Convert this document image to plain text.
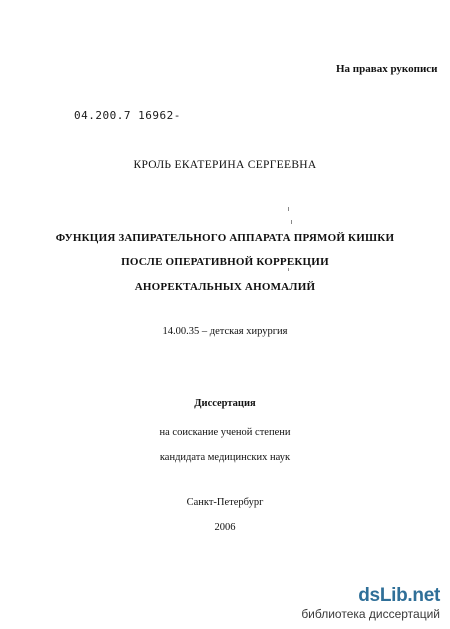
На правах рукописи
04.200.7 16962-
КРОЛЬ ЕКАТЕРИНА СЕРГЕЕВНА
ФУНКЦИЯ ЗАПИРАТЕЛЬНОГО АППАРАТА ПРЯМОЙ КИШКИ
ПОСЛЕ ОПЕРАТИВНОЙ КОРРЕКЦИИ
АНОРЕКТАЛЬНЫХ АНОМАЛИЙ
14.00.35 – детская хирургия
Диссертация
на соискание ученой степени
кандидата медицинских наук
Санкт-Петербург
2006
dsLib.net
библиотека диссертаций
